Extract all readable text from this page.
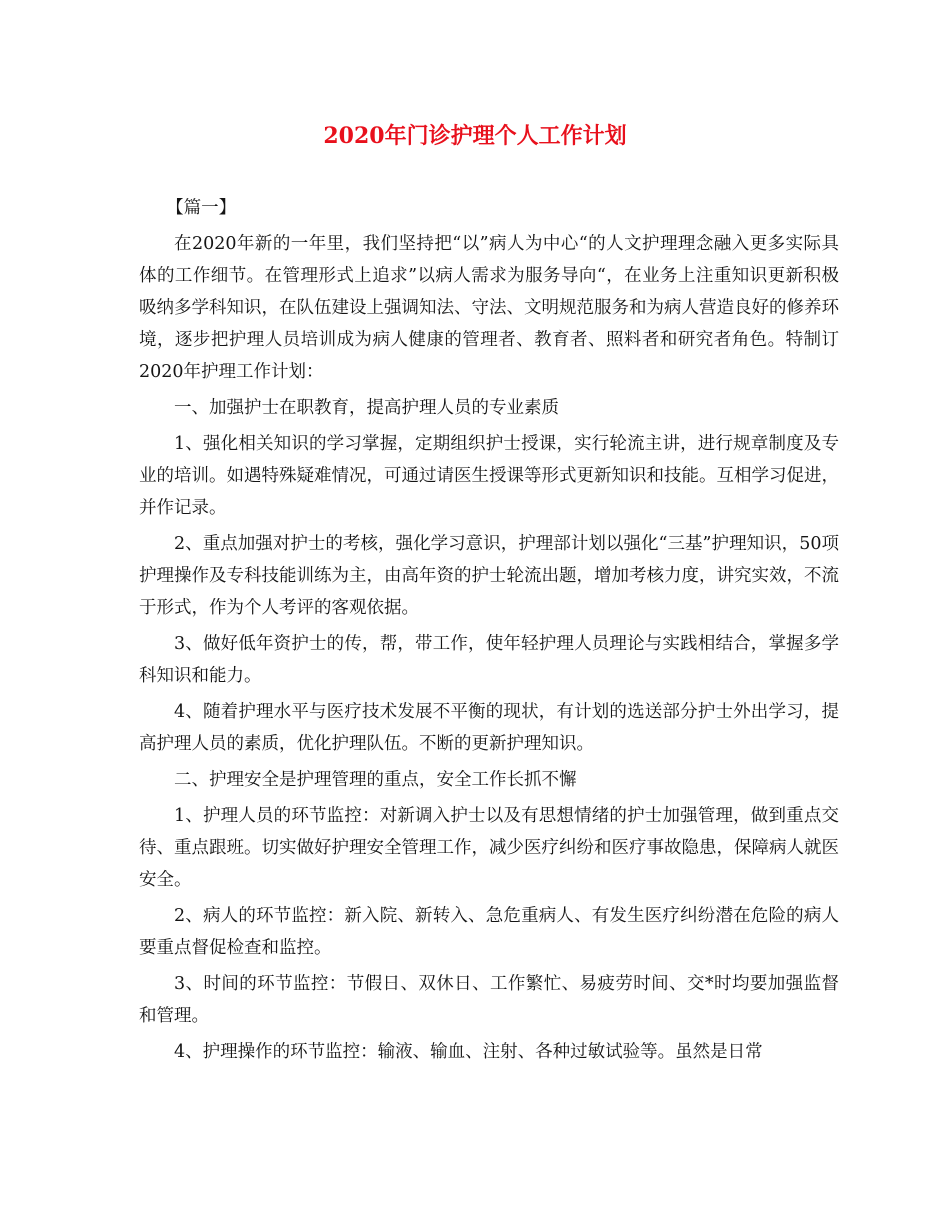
2020年门诊护理个人工作计划

【篇一】

在2020年新的一年里，我们坚持把“以”病人为中心“的人文护理理念融入更多实际具体的工作细节。在管理形式上追求”以病人需求为服务导向“，在业务上注重知识更新积极吸纳多学科知识，在队伍建设上强调知法、守法、文明规范服务和为病人营造良好的修养环境，逐步把护理人员培训成为病人健康的管理者、教育者、照料者和研究者角色。特制订2020年护理工作计划：

一、加强护士在职教育，提高护理人员的专业素质

1、强化相关知识的学习掌握，定期组织护士授课，实行轮流主讲，进行规章制度及专业的培训。如遇特殊疑难情况，可通过请医生授课等形式更新知识和技能。互相学习促进，并作记录。

2、重点加强对护士的考核，强化学习意识，护理部计划以强化“三基”护理知识，50项护理操作及专科技能训练为主，由高年资的护士轮流出题，增加考核力度，讲究实效，不流于形式，作为个人考评的客观依据。

3、做好低年资护士的传，帮，带工作，使年轻护理人员理论与实践相结合，掌握多学科知识和能力。

4、随着护理水平与医疗技术发展不平衡的现状，有计划的选送部分护士外出学习，提高护理人员的素质，优化护理队伍。不断的更新护理知识。

二、护理安全是护理管理的重点，安全工作长抓不懈

1、护理人员的环节监控：对新调入护士以及有思想情绪的护士加强管理，做到重点交待、重点跟班。切实做好护理安全管理工作，减少医疗纠纷和医疗事故隐患，保障病人就医安全。

2、病人的环节监控：新入院、新转入、急危重病人、有发生医疗纠纷潜在危险的病人要重点督促检查和监控。

3、时间的环节监控：节假日、双休日、工作繁忙、易疲劳时间、交*时均要加强监督和管理。

4、护理操作的环节监控：输液、输血、注射、各种过敏试验等。虽然是日常
